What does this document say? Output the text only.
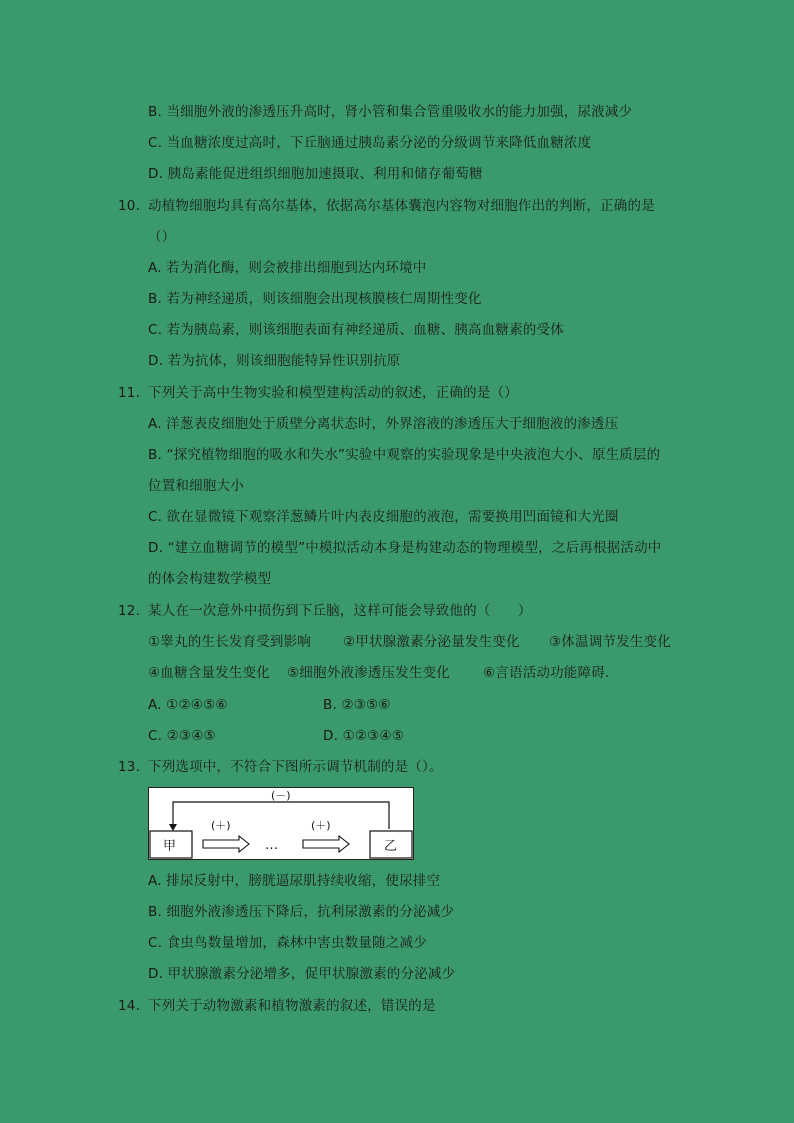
B. 当细胞外液的渗透压升高时，肾小管和集合管重吸收水的能力加强，尿液减少
C. 当血糖浓度过高时，下丘脑通过胰岛素分泌的分级调节来降低血糖浓度
D. 胰岛素能促进组织细胞加速摄取、利用和储存葡萄糖
10. 动植物细胞均具有高尔基体，依据高尔基体囊泡内容物对细胞作出的判断，正确的是
（）
A. 若为消化酶，则会被排出细胞到达内环境中
B. 若为神经递质，则该细胞会出现核膜核仁周期性变化
C. 若为胰岛素，则该细胞表面有神经递质、血糖、胰高血糖素的受体
D. 若为抗体，则该细胞能特异性识别抗原
11. 下列关于高中生物实验和模型建构活动的叙述，正确的是（）
A. 洋葱表皮细胞处于质壁分离状态时，外界溶液的渗透压大于细胞液的渗透压
B. “探究植物细胞的吸水和失水”实验中观察的实验现象是中央液泡大小、原生质层的
位置和细胞大小
C. 欲在显微镜下观察洋葱鳞片叶内表皮细胞的液泡，需要换用凹面镜和大光圈
D. “建立血糖调节的模型”中模拟活动本身是构建动态的物理模型，之后再根据活动中
的体会构建数学模型
12. 某人在一次意外中损伤到下丘脑，这样可能会导致他的（　　）
①睾丸的生长发育受到影响 ②甲状腺激素分泌量发生变化 ③体温调节发生变化
④血糖含量发生变化 ⑤细胞外液渗透压发生变化 ⑥言语活动功能障碍.
A. ①②④⑤⑥	B. ②③⑤⑥
C. ②③④⑤	D. ①②③④⑤
13. 下列选项中，不符合下图所示调节机制的是（）。
(－)
甲	乙
(＋)	(＋)
…
A. 排尿反射中，膀胱逼尿肌持续收缩，使尿排空
B. 细胞外液渗透压下降后，抗利尿激素的分泌减少
C. 食虫鸟数量增加，森林中害虫数量随之减少
D. 甲状腺激素分泌增多，促甲状腺激素的分泌减少
14. 下列关于动物激素和植物激素的叙述，错误的是
